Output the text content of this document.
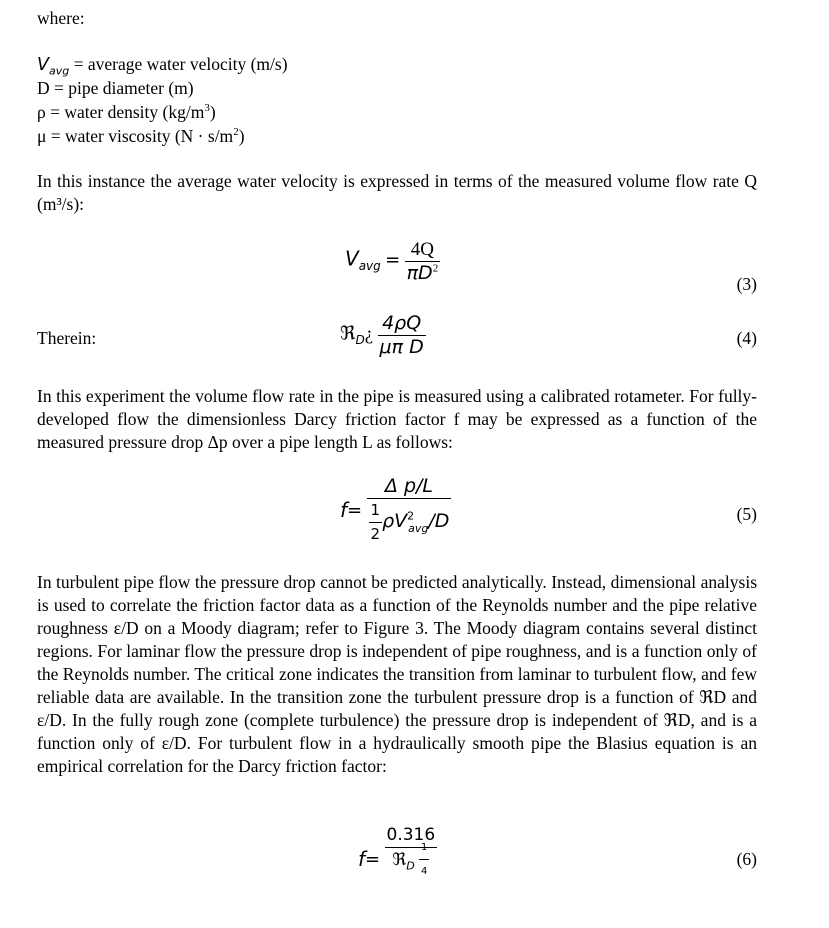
where:
$V_{avg}$ = average water velocity (m/s)
D = pipe diameter (m)
ρ = water density $(kg/m^3)$
μ = water viscosity $(N \cdot s/m^2)$
In this instance the average water velocity is expressed in terms of the measured volume flow rate Q (m³/s):
$V_{avg} = \frac{4Q}{\pi D^2}$	(3)
Therein:	ℜ$_D$¿ $\frac{4\rho Q}{\text{μπ D}}$	(4)
In this experiment the volume flow rate in the pipe is measured using a calibrated rotameter. For fully-developed flow the dimensionless Darcy friction factor f may be expressed as a function of the measured pressure drop Δp over a pipe length L as follows:
$f= \frac{\text{Δ p/L}}{\frac{1}{2} \rho V^2_{avg}/D}$	(5)
In turbulent pipe flow the pressure drop cannot be predicted analytically. Instead, dimensional analysis is used to correlate the friction factor data as a function of the Reynolds number and the pipe relative roughness ε/D on a Moody diagram; refer to Figure 3. The Moody diagram contains several distinct regions. For laminar flow the pressure drop is independent of pipe roughness, and is a function only of the Reynolds number. The critical zone indicates the transition from laminar to turbulent flow, and few reliable data are available. In the transition zone the turbulent pressure drop is a function of ℜD and ε/D. In the fully rough zone (complete turbulence) the pressure drop is independent of ℜD, and is a function only of ε/D. For turbulent flow in a hydraulically smooth pipe the Blasius equation is an empirical correlation for the Darcy friction factor:
$f= \frac{0.316}{ℜ_D \frac{1}{4}}$	(6)
